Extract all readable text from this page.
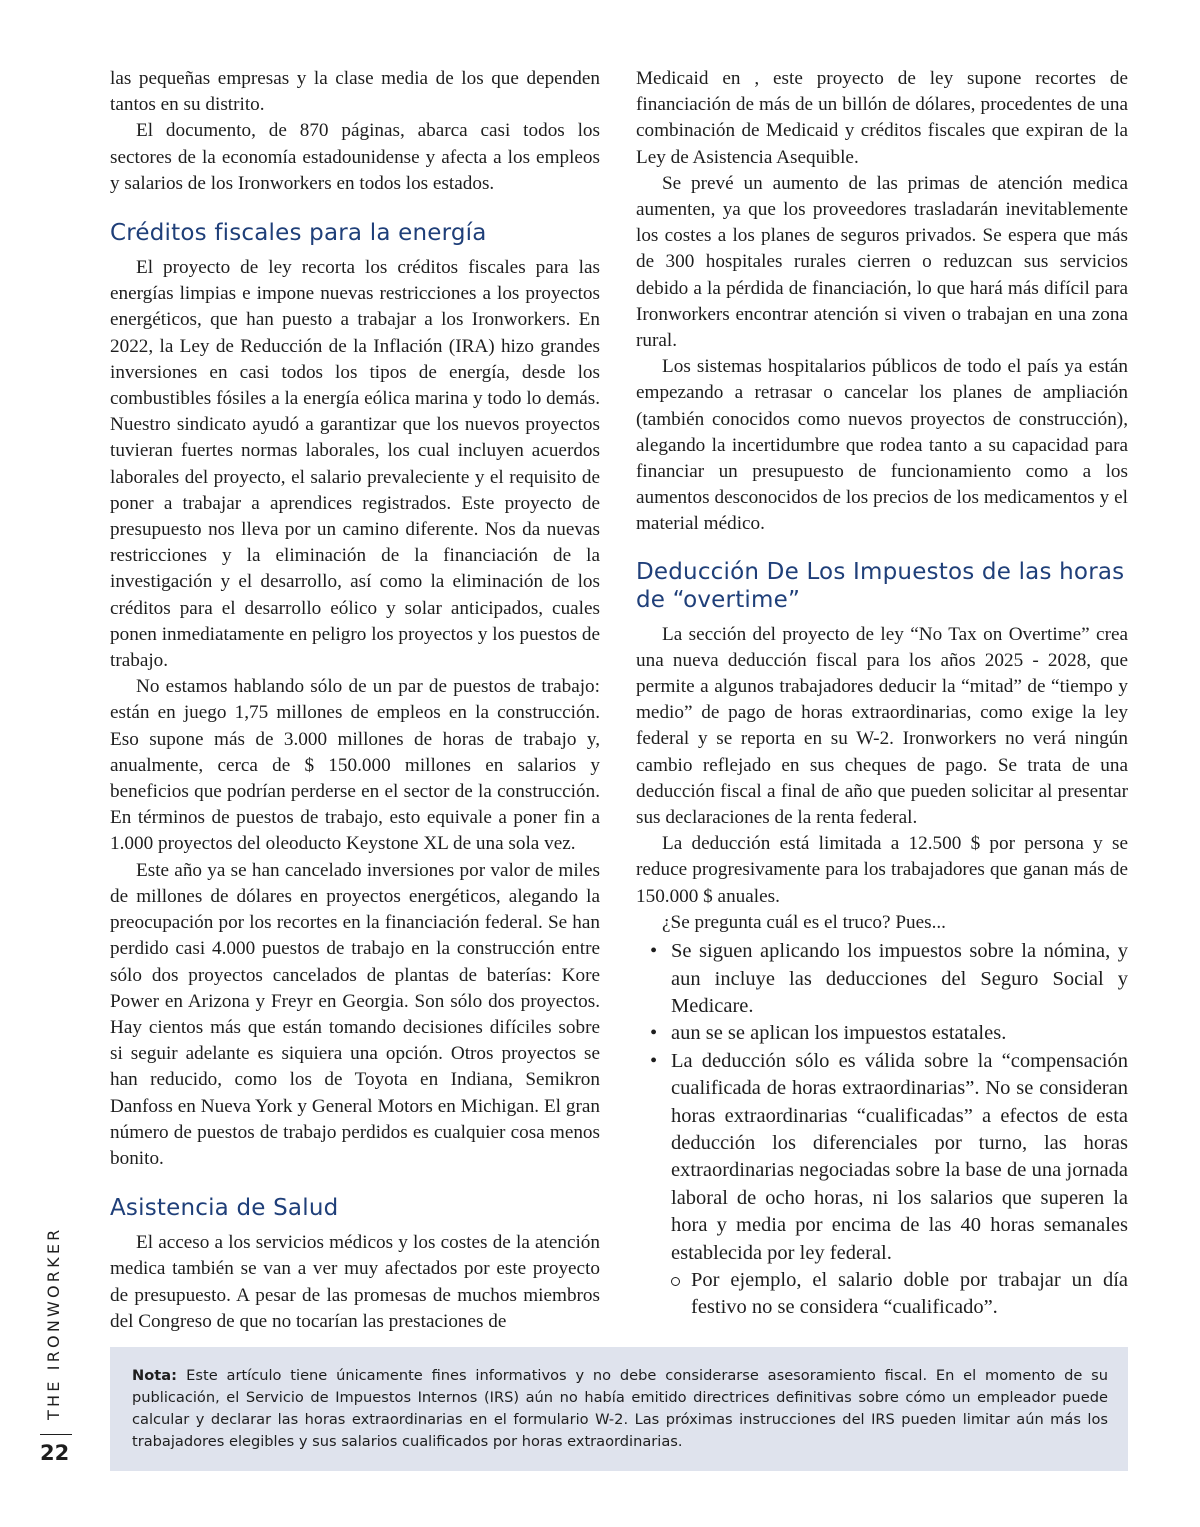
las pequeñas empresas y la clase media de los que dependen tantos en su distrito.

El documento, de 870 páginas, abarca casi todos los sectores de la economía estadounidense y afecta a los empleos y salarios de los Ironworkers en todos los estados.

Créditos fiscales para la energía

El proyecto de ley recorta los créditos fiscales para las energías limpias e impone nuevas restricciones a los proyectos energéticos, que han puesto a trabajar a los Ironworkers. En 2022, la Ley de Reducción de la Inflación (IRA) hizo grandes inversiones en casi todos los tipos de energía, desde los combustibles fósiles a la energía eólica marina y todo lo demás. Nuestro sindicato ayudó a garantizar que los nuevos proyectos tuvieran fuertes normas laborales, los cual incluyen acuerdos laborales del proyecto, el salario prevaleciente y el requisito de poner a trabajar a aprendices registrados. Este proyecto de presupuesto nos lleva por un camino diferente. Nos da nuevas restricciones y la eliminación de la financiación de la investigación y el desarrollo, así como la eliminación de los créditos para el desarrollo eólico y solar anticipados, cuales ponen inmediatamente en peligro los proyectos y los puestos de trabajo.

No estamos hablando sólo de un par de puestos de trabajo: están en juego 1,75 millones de empleos en la construcción. Eso supone más de 3.000 millones de horas de trabajo y, anualmente, cerca de $ 150.000 millones en salarios y beneficios que podrían perderse en el sector de la construcción. En términos de puestos de trabajo, esto equivale a poner fin a 1.000 proyectos del oleoducto Keystone XL de una sola vez.

Este año ya se han cancelado inversiones por valor de miles de millones de dólares en proyectos energéticos, alegando la preocupación por los recortes en la financiación federal. Se han perdido casi 4.000 puestos de trabajo en la construcción entre sólo dos proyectos cancelados de plantas de baterías: Kore Power en Arizona y Freyr en Georgia. Son sólo dos proyectos. Hay cientos más que están tomando decisiones difíciles sobre si seguir adelante es siquiera una opción. Otros proyectos se han reducido, como los de Toyota en Indiana, Semikron Danfoss en Nueva York y General Motors en Michigan. El gran número de puestos de trabajo perdidos es cualquier cosa menos bonito.

Asistencia de Salud

El acceso a los servicios médicos y los costes de la atención medica también se van a ver muy afectados por este proyecto de presupuesto. A pesar de las promesas de muchos miembros del Congreso de que no tocarían las prestaciones de

Medicaid en , este proyecto de ley supone recortes de financiación de más de un billón de dólares, procedentes de una combinación de Medicaid y créditos fiscales que expiran de la Ley de Asistencia Asequible.

Se prevé un aumento de las primas de atención medica aumenten, ya que los proveedores trasladarán inevitablemente los costes a los planes de seguros privados. Se espera que más de 300 hospitales rurales cierren o reduzcan sus servicios debido a la pérdida de financiación, lo que hará más difícil para Ironworkers encontrar atención si viven o trabajan en una zona rural.

Los sistemas hospitalarios públicos de todo el país ya están empezando a retrasar o cancelar los planes de ampliación (también conocidos como nuevos proyectos de construcción), alegando la incertidumbre que rodea tanto a su capacidad para financiar un presupuesto de funcionamiento como a los aumentos desconocidos de los precios de los medicamentos y el material médico.

Deducción De Los Impuestos de las horas de “overtime”

La sección del proyecto de ley “No Tax on Overtime” crea una nueva deducción fiscal para los años 2025 - 2028, que permite a algunos trabajadores deducir la “mitad” de “tiempo y medio” de pago de horas extraordinarias, como exige la ley federal y se reporta en su W-2. Ironworkers no verá ningún cambio reflejado en sus cheques de pago. Se trata de una deducción fiscal a final de año que pueden solicitar al presentar sus declaraciones de la renta federal.

La deducción está limitada a 12.500 $ por persona y se reduce progresivamente para los trabajadores que ganan más de 150.000 $ anuales.

¿Se pregunta cuál es el truco? Pues...

• Se siguen aplicando los impuestos sobre la nómina, y aun incluye las deducciones del Seguro Social y Medicare.
• aun se se aplican los impuestos estatales.
• La deducción sólo es válida sobre la “compensación cualificada de horas extraordinarias”. No se consideran horas extraordinarias “cualificadas” a efectos de esta deducción los diferenciales por turno, las horas extraordinarias negociadas sobre la base de una jornada laboral de ocho horas, ni los salarios que superen la hora y media por encima de las 40 horas semanales establecida por ley federal.
Por ejemplo, el salario doble por trabajar un día festivo no se considera “cualificado”.
Nota: Este artículo tiene únicamente fines informativos y no debe considerarse asesoramiento fiscal. En el momento de su publicación, el Servicio de Impuestos Internos (IRS) aún no había emitido directrices definitivas sobre cómo un empleador puede calcular y declarar las horas extraordinarias en el formulario W-2. Las próximas instrucciones del IRS pueden limitar aún más los trabajadores elegibles y sus salarios cualificados por horas extraordinarias.
THE IRONWORKER
22
